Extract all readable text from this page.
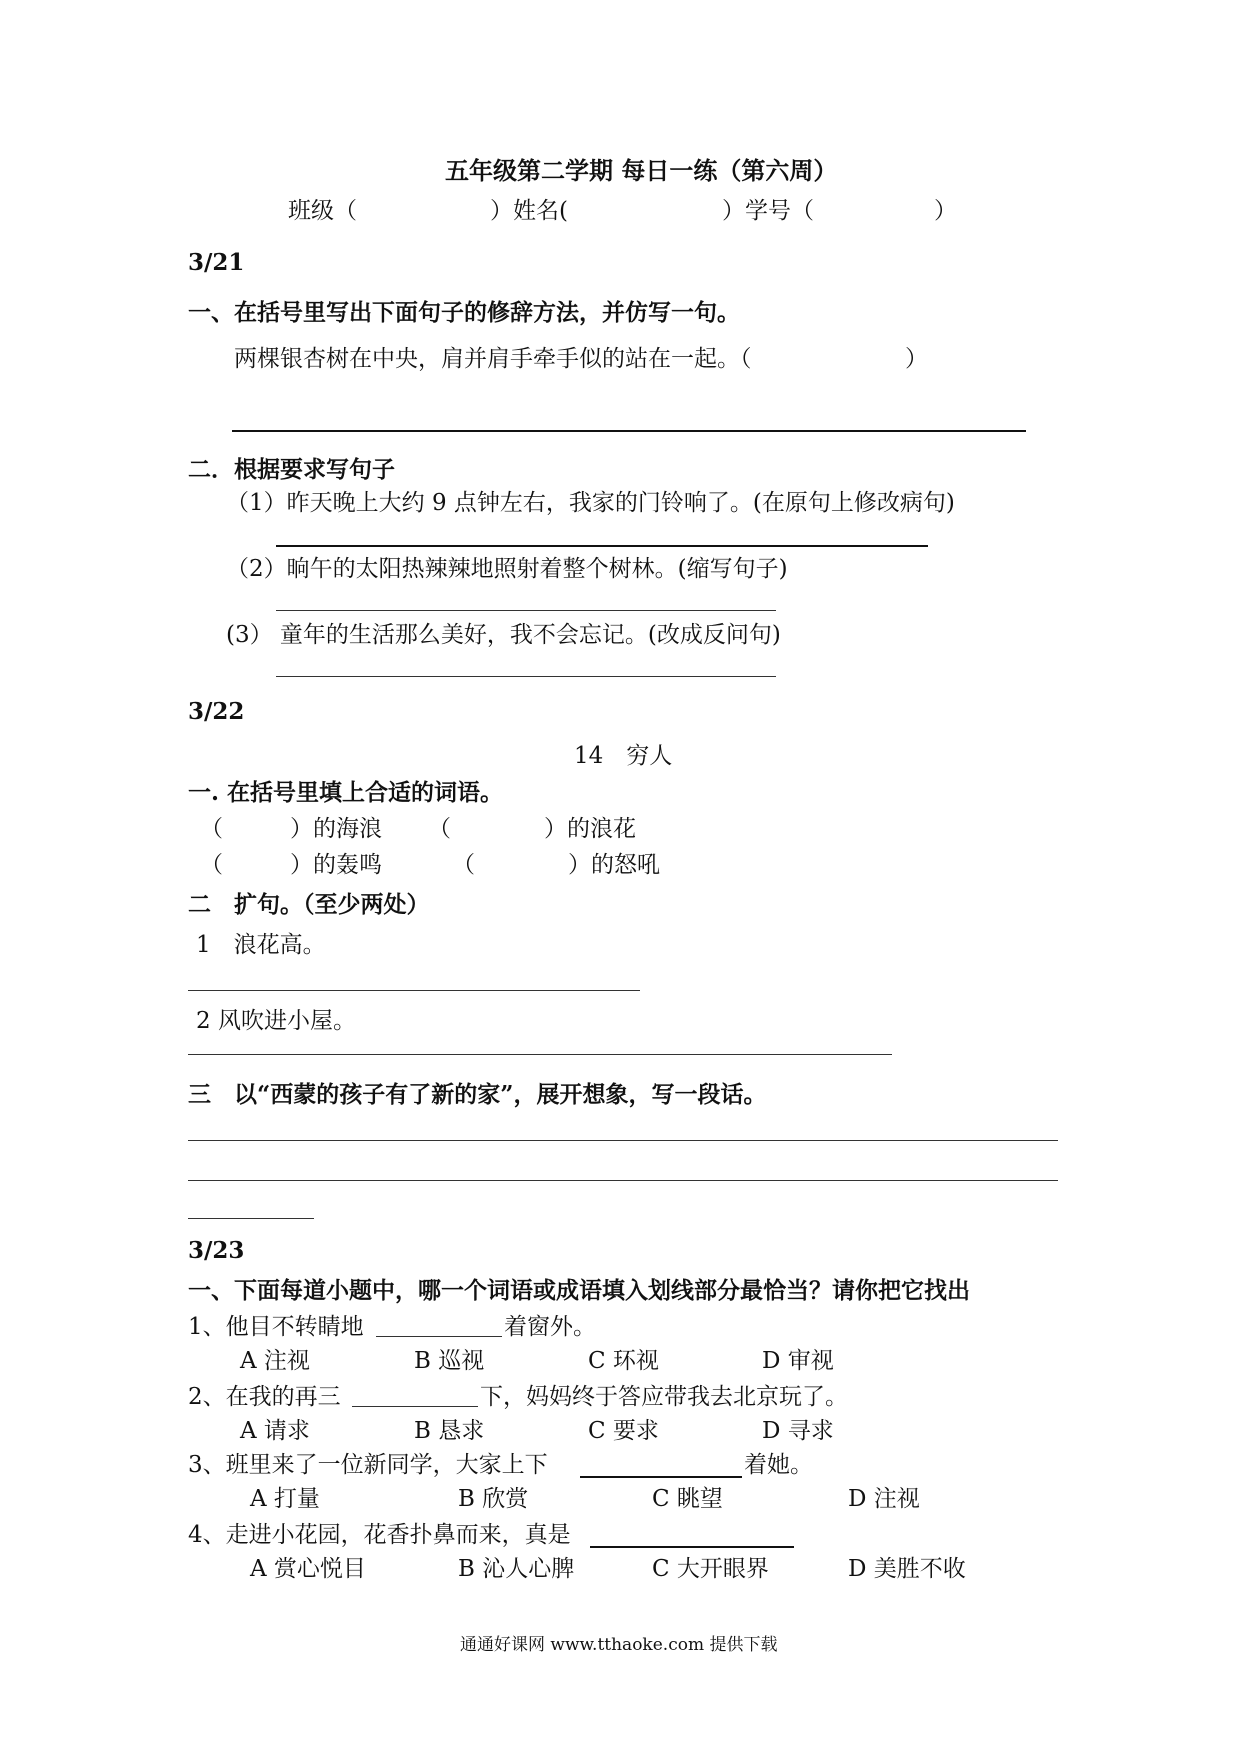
五年级第二学期 每日一练（第六周）
班级（	）姓名(	）学号（	）
3/21
一、在括号里写出下面句子的修辞方法，并仿写一句。
两棵银杏树在中央，肩并肩手牵手似的站在一起。（	）
二．根据要求写句子
（1）昨天晚上大约 9 点钟左右，我家的门铃响了。(在原句上修改病句)
（2）晌午的太阳热辣辣地照射着整个树林。(缩写句子)
(3） 童年的生活那么美好，我不会忘记。(改成反问句)
3/22
14　穷人
一. 在括号里填上合适的词语。
（	） 的海浪 （	） 的浪花
（	） 的轰鸣	（	） 的怒吼
二　扩句。（至少两处）
1　浪花高。
2 风吹进小屋。
三　以“西蒙的孩子有了新的家”，展开想象，写一段话。
3/23
一、下面每道小题中，哪一个词语或成语填入划线部分最恰当？请你把它找出
1、他目不转睛地	着窗外。
A 注视	B 巡视	C 环视	D 审视
2、在我的再三	下，妈妈终于答应带我去北京玩了。
A 请求	B 恳求	C 要求	D 寻求
3、班里来了一位新同学，大家上下	着她。
A 打量	B 欣赏	C 眺望	D 注视
4、走进小花园，花香扑鼻而来，真是
A 赏心悦目	B 沁人心脾	C 大开眼界	D 美胜不收
通通好课网 www.tthaoke.com 提供下载
